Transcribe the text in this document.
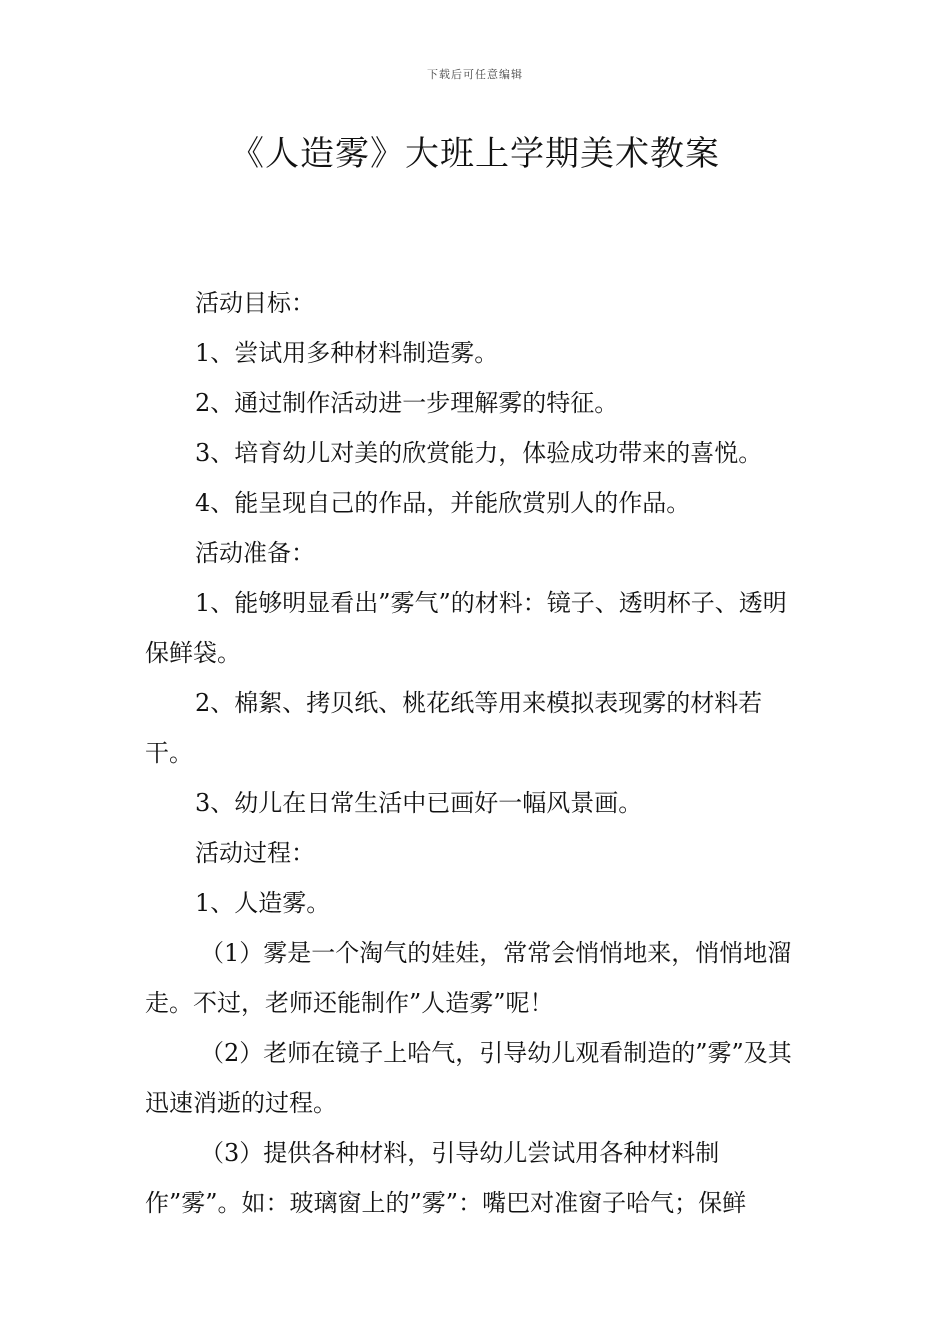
下载后可任意编辑
《人造雾》大班上学期美术教案

活动目标：

1、尝试用多种材料制造雾。

2、通过制作活动进一步理解雾的特征。

3、培育幼儿对美的欣赏能力，体验成功带来的喜悦。

4、能呈现自己的作品，并能欣赏别人的作品。

活动准备：

1、能够明显看出”雾气”的材料：镜子、透明杯子、透明保鲜袋。

2、棉絮、拷贝纸、桃花纸等用来模拟表现雾的材料若干。

3、幼儿在日常生活中已画好一幅风景画。

活动过程：

1、人造雾。

（1）雾是一个淘气的娃娃，常常会悄悄地来，悄悄地溜走。不过，老师还能制作”人造雾”呢！

（2）老师在镜子上哈气，引导幼儿观看制造的”雾”及其迅速消逝的过程。

（3）提供各种材料，引导幼儿尝试用各种材料制作”雾”。如：玻璃窗上的”雾”：嘴巴对准窗子哈气；保鲜
